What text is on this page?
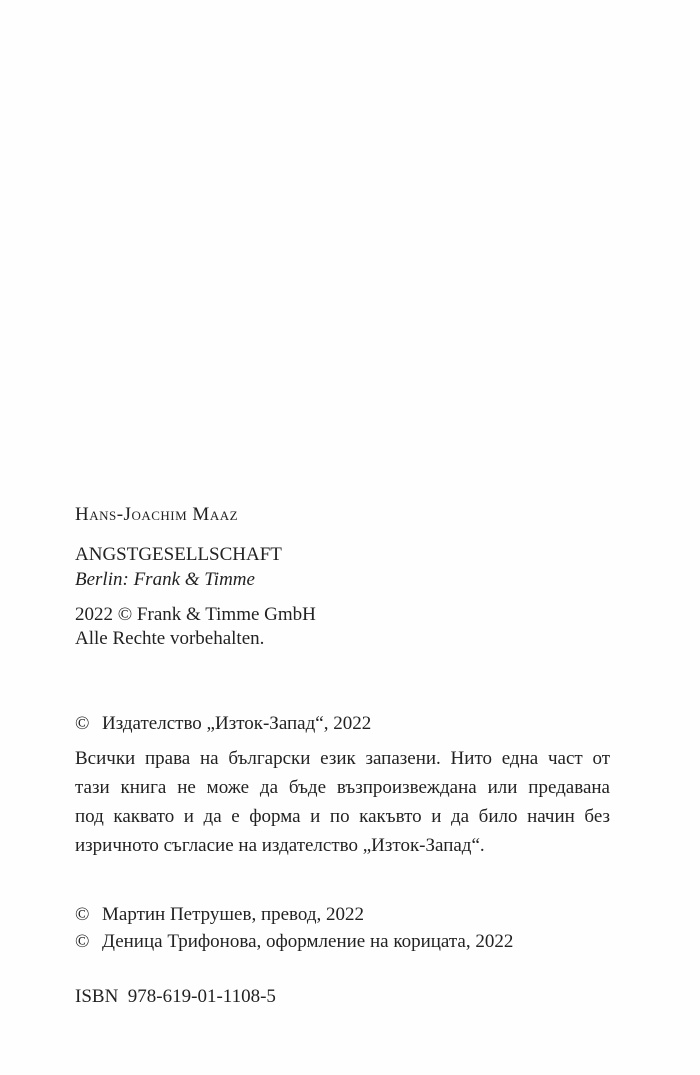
Hans-Joachim Maaz
ANGSTGESELLSCHAFT
Berlin: Frank & Timme
2022 © Frank & Timme GmbH
Alle Rechte vorbehalten.
© Издателство „Изток-Запад“, 2022
Всички права на български език запазени. Нито една част от
тази книга не може да бъде възпроизвеждана или предавана
под каквато и да е форма и по какъвто и да било начин без
изричното съгласие на издателство „Изток-Запад“.
© Мартин Петрушев, превод, 2022
© Деница Трифонова, оформление на корицата, 2022
ISBN 978-619-01-1108-5
